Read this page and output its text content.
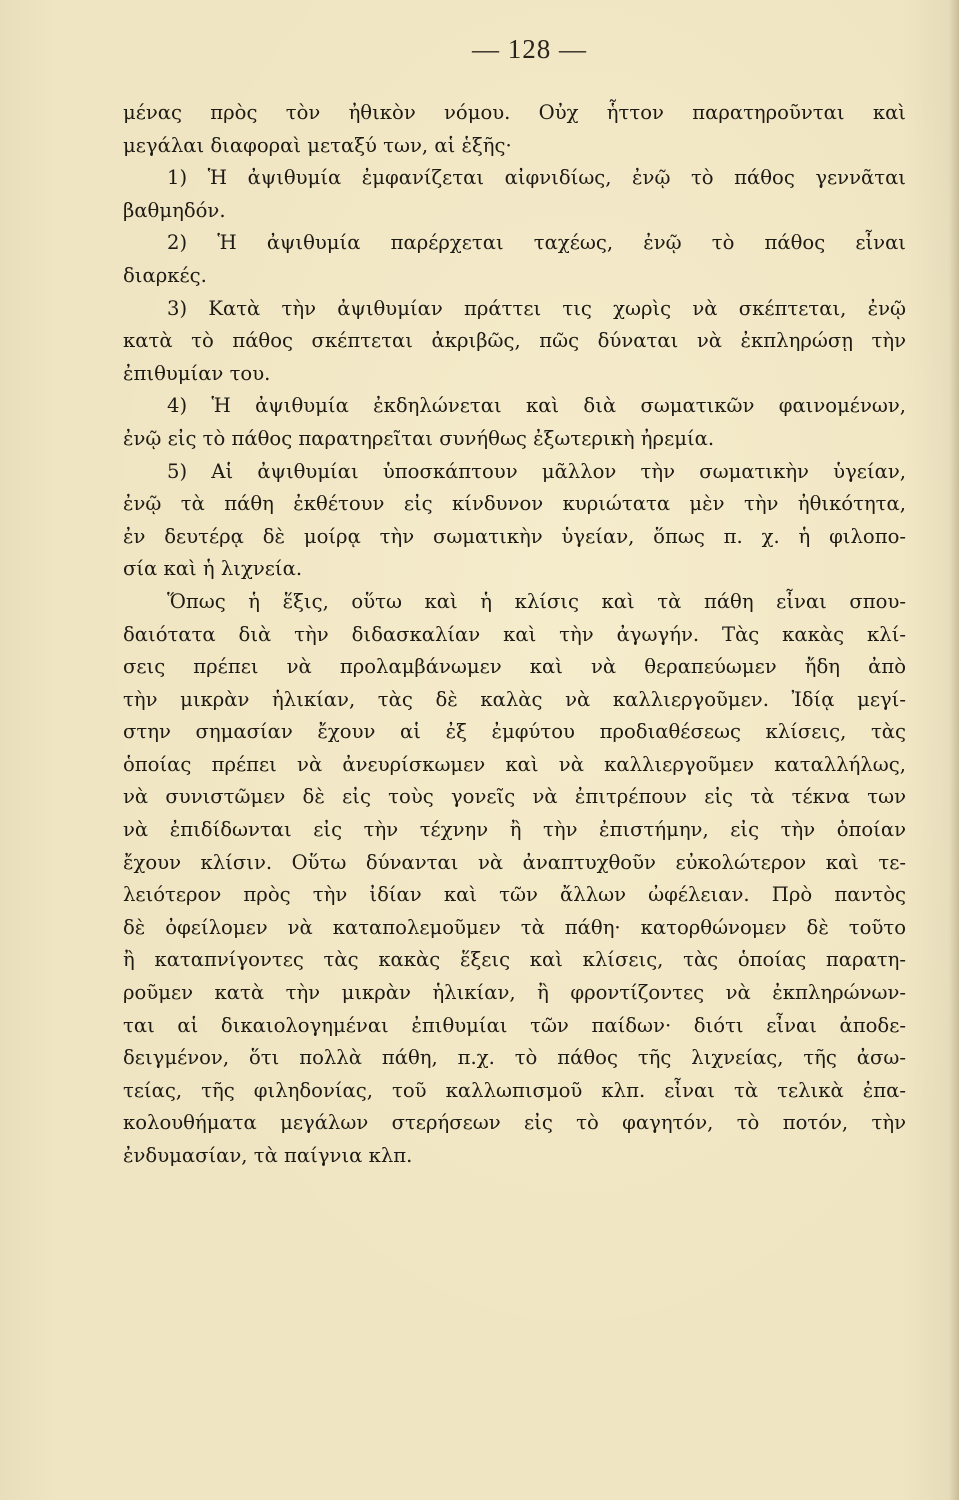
— 128 —
μένας πρὸς τὸν ἠθικὸν νόμου. Οὐχ ἧττον παρατηροῦνται καὶ
μεγάλαι διαφοραὶ μεταξύ των, αἱ ἑξῆς·
1) Ἡ ἀψιθυμία ἐμφανίζεται αἰφνιδίως, ἐνῷ τὸ πάθος γεννᾶται
βαθμηδόν.
2) Ἡ ἀψιθυμία παρέρχεται ταχέως, ἐνῷ τὸ πάθος εἶναι
διαρκές.
3) Κατὰ τὴν ἀψιθυμίαν πράττει τις χωρὶς νὰ σκέπτεται, ἐνῷ
κατὰ τὸ πάθος σκέπτεται ἀκριβῶς, πῶς δύναται νὰ ἐκπληρώσῃ τὴν
ἐπιθυμίαν του.
4) Ἡ ἀψιθυμία ἐκδηλώνεται καὶ διὰ σωματικῶν φαινομένων,
ἐνῷ εἰς τὸ πάθος παρατηρεῖται συνήθως ἐξωτερικὴ ἠρεμία.
5) Αἱ ἀψιθυμίαι ὑποσκάπτουν μᾶλλον τὴν σωματικὴν ὑγείαν,
ἐνῷ τὰ πάθη ἐκθέτουν εἰς κίνδυνον κυριώτατα μὲν τὴν ἠθικότητα,
ἐν δευτέρᾳ δὲ μοίρᾳ τὴν σωματικὴν ὑγείαν, ὅπως π. χ. ἡ φιλοπο-
σία καὶ ἡ λιχνεία.
Ὅπως ἡ ἕξις, οὕτω καὶ ἡ κλίσις καὶ τὰ πάθη εἶναι σπου-
δαιότατα διὰ τὴν διδασκαλίαν καὶ τὴν ἀγωγήν. Τὰς κακὰς κλί-
σεις πρέπει νὰ προλαμβάνωμεν καὶ νὰ θεραπεύωμεν ἤδη ἀπὸ
τὴν μικρὰν ἡλικίαν, τὰς δὲ καλὰς νὰ καλλιεργοῦμεν. Ἰδίᾳ μεγί-
στην σημασίαν ἔχουν αἱ ἐξ ἐμφύτου προδιαθέσεως κλίσεις, τὰς
ὁποίας πρέπει νὰ ἀνευρίσκωμεν καὶ νὰ καλλιεργοῦμεν καταλλήλως,
νὰ συνιστῶμεν δὲ εἰς τοὺς γονεῖς νὰ ἐπιτρέπουν εἰς τὰ τέκνα των
νὰ ἐπιδίδωνται εἰς τὴν τέχνην ἢ τὴν ἐπιστήμην, εἰς τὴν ὁποίαν
ἔχουν κλίσιν. Οὕτω δύνανται νὰ ἀναπτυχθοῦν εὐκολώτερον καὶ τε-
λειότερον πρὸς τὴν ἰδίαν καὶ τῶν ἄλλων ὠφέλειαν. Πρὸ παντὸς
δὲ ὀφείλομεν νὰ καταπολεμοῦμεν τὰ πάθη· κατορθώνομεν δὲ τοῦτο
ἢ καταπνίγοντες τὰς κακὰς ἕξεις καὶ κλίσεις, τὰς ὁποίας παρατη-
ροῦμεν κατὰ τὴν μικρὰν ἡλικίαν, ἢ φροντίζοντες νὰ ἐκπληρώνων-
ται αἱ δικαιολογημέναι ἐπιθυμίαι τῶν παίδων· διότι εἶναι ἀποδε-
δειγμένον, ὅτι πολλὰ πάθη, π.χ. τὸ πάθος τῆς λιχνείας, τῆς ἀσω-
τείας, τῆς φιληδονίας, τοῦ καλλωπισμοῦ κλπ. εἶναι τὰ τελικὰ ἐπα-
κολουθήματα μεγάλων στερήσεων εἰς τὸ φαγητόν, τὸ ποτόν, τὴν
ἐνδυμασίαν, τὰ παίγνια κλπ.
